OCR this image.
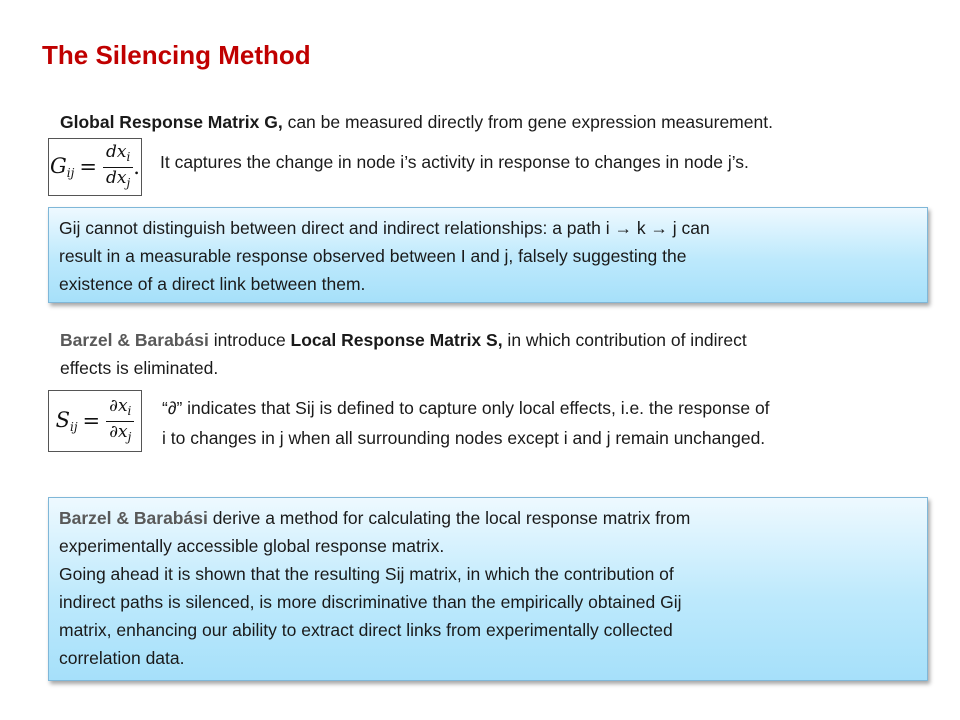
The Silencing Method
Global Response Matrix G, can be measured directly from gene expression measurement.
$G_{ij} = \frac{dx_i}{dx_j}$ . It captures the change in node i’s activity in response to changes in node j’s.

Gij cannot distinguish between direct and indirect relationships: a path i → k → j can

result in a measurable response observed between I and j, falsely suggesting the

existence of a direct link between them.

Barzel & Barabási introduce Local Response Matrix S, in which contribution of indirect
effects is eliminated.
$S_{ij} = \frac{\partial x_i}{\partial x_j}$ “∂” indicates that Sij is defined to capture only local effects, i.e. the response of
i to changes in j when all surrounding nodes except i and j remain unchanged.

Barzel & Barabási derive a method for calculating the local response matrix from

experimentally accessible global response matrix.

Going ahead it is shown that the resulting Sij matrix, in which the contribution of

indirect paths is silenced, is more discriminative than the empirically obtained Gij

matrix, enhancing our ability to extract direct links from experimentally collected

correlation data.
